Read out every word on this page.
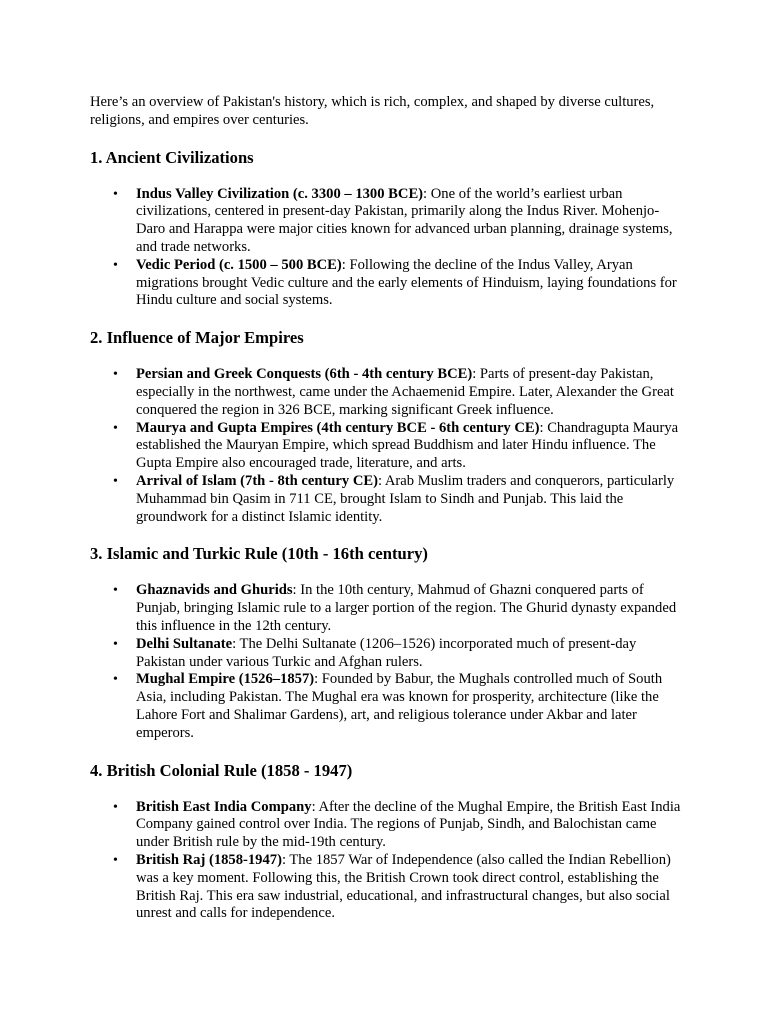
Here’s an overview of Pakistan's history, which is rich, complex, and shaped by diverse cultures, religions, and empires over centuries.

1. Ancient Civilizations
• Indus Valley Civilization (c. 3300 – 1300 BCE): One of the world’s earliest urban civilizations, centered in present-day Pakistan, primarily along the Indus River. Mohenjo-Daro and Harappa were major cities known for advanced urban planning, drainage systems, and trade networks.
• Vedic Period (c. 1500 – 500 BCE): Following the decline of the Indus Valley, Aryan migrations brought Vedic culture and the early elements of Hinduism, laying foundations for Hindu culture and social systems.
2. Influence of Major Empires
• Persian and Greek Conquests (6th - 4th century BCE): Parts of present-day Pakistan, especially in the northwest, came under the Achaemenid Empire. Later, Alexander the Great conquered the region in 326 BCE, marking significant Greek influence.
• Maurya and Gupta Empires (4th century BCE - 6th century CE): Chandragupta Maurya established the Mauryan Empire, which spread Buddhism and later Hindu influence. The Gupta Empire also encouraged trade, literature, and arts.
• Arrival of Islam (7th - 8th century CE): Arab Muslim traders and conquerors, particularly Muhammad bin Qasim in 711 CE, brought Islam to Sindh and Punjab. This laid the groundwork for a distinct Islamic identity.
3. Islamic and Turkic Rule (10th - 16th century)
• Ghaznavids and Ghurids: In the 10th century, Mahmud of Ghazni conquered parts of Punjab, bringing Islamic rule to a larger portion of the region. The Ghurid dynasty expanded this influence in the 12th century.
• Delhi Sultanate: The Delhi Sultanate (1206–1526) incorporated much of present-day Pakistan under various Turkic and Afghan rulers.
• Mughal Empire (1526–1857): Founded by Babur, the Mughals controlled much of South Asia, including Pakistan. The Mughal era was known for prosperity, architecture (like the Lahore Fort and Shalimar Gardens), art, and religious tolerance under Akbar and later emperors.
4. British Colonial Rule (1858 - 1947)
• British East India Company: After the decline of the Mughal Empire, the British East India Company gained control over India. The regions of Punjab, Sindh, and Balochistan came under British rule by the mid-19th century.
• British Raj (1858-1947): The 1857 War of Independence (also called the Indian Rebellion) was a key moment. Following this, the British Crown took direct control, establishing the British Raj. This era saw industrial, educational, and infrastructural changes, but also social unrest and calls for independence.
